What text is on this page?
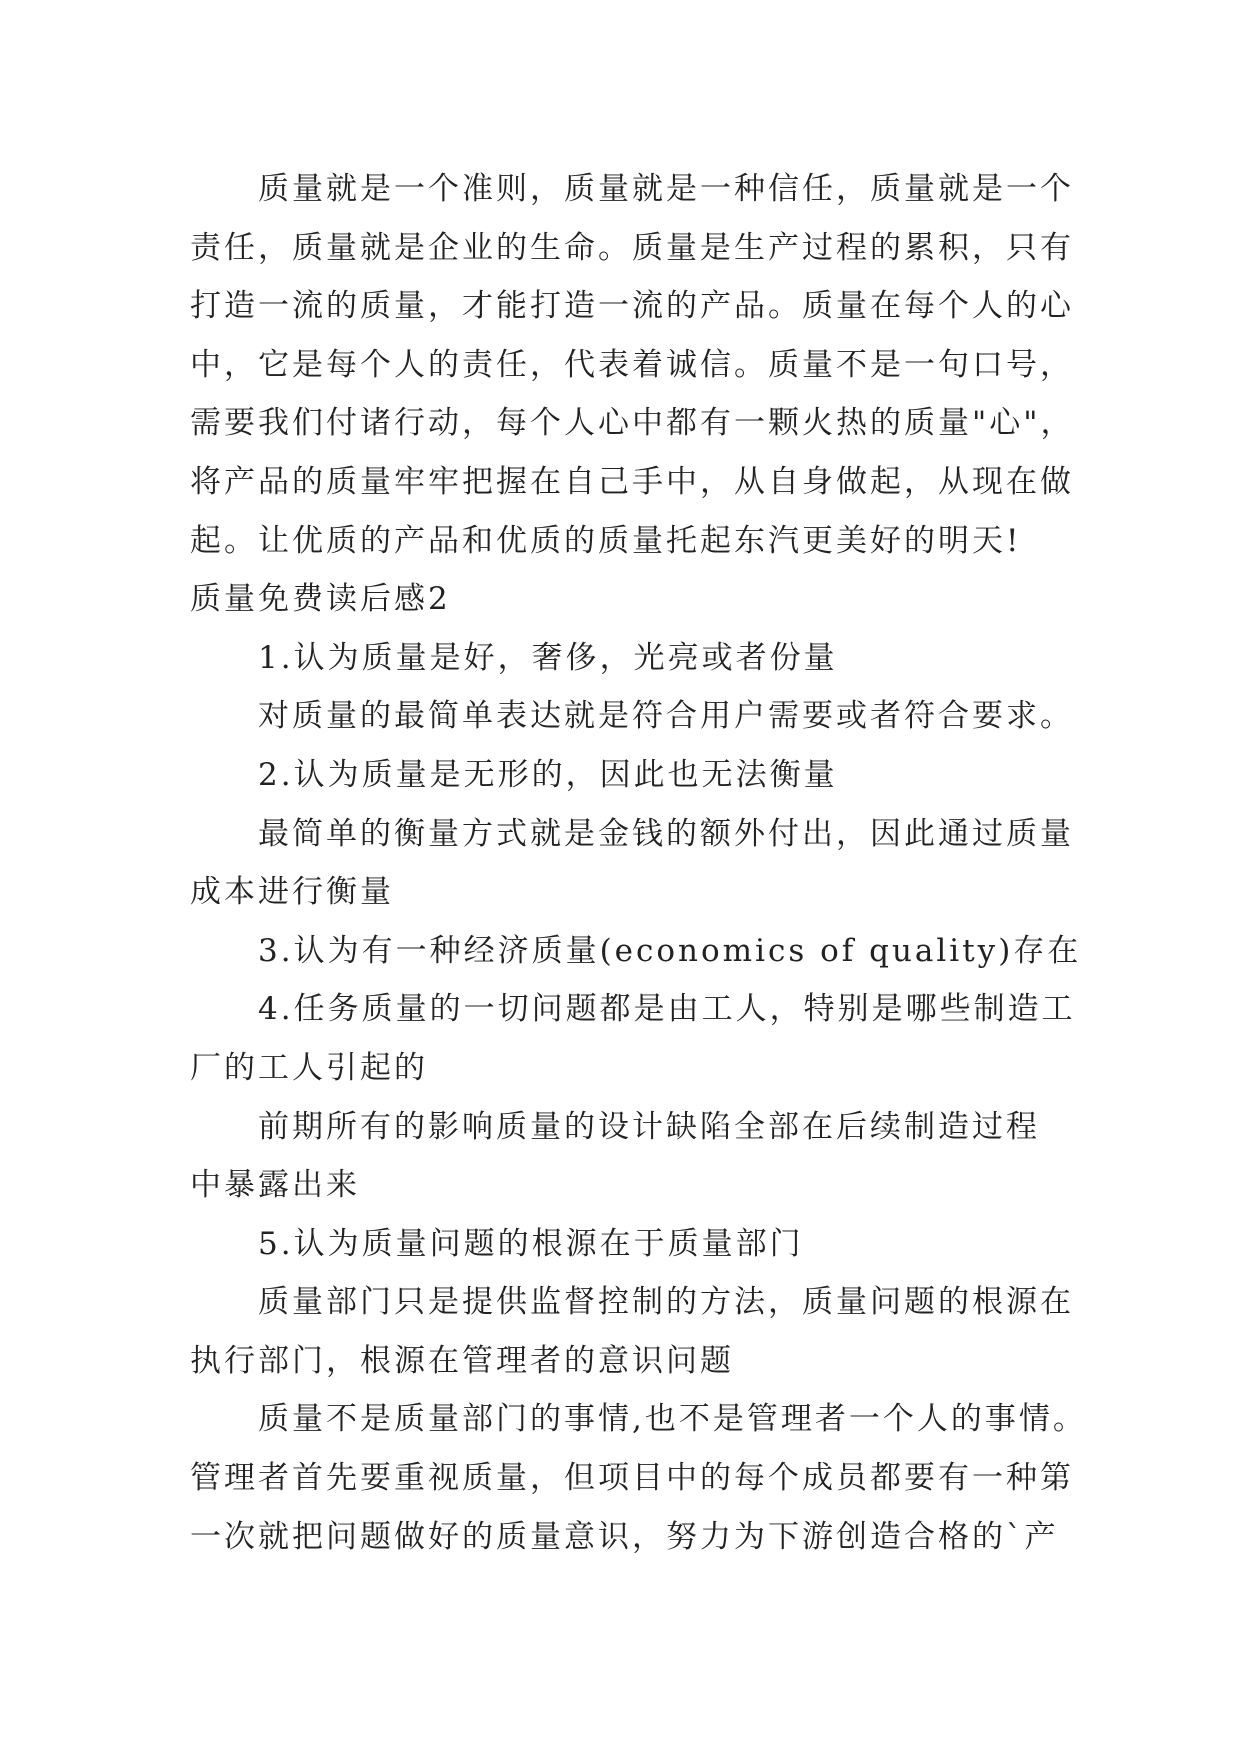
质量就是一个准则，质量就是一种信任，质量就是一个
责任，质量就是企业的生命。质量是生产过程的累积，只有
打造一流的质量，才能打造一流的产品。质量在每个人的心
中，它是每个人的责任，代表着诚信。质量不是一句口号，
需要我们付诸行动，每个人心中都有一颗火热的质量"心"，
将产品的质量牢牢把握在自己手中，从自身做起，从现在做
起。让优质的产品和优质的质量托起东汽更美好的明天!
质量免费读后感2
1.认为质量是好，奢侈，光亮或者份量
对质量的最简单表达就是符合用户需要或者符合要求。
2.认为质量是无形的，因此也无法衡量
最简单的衡量方式就是金钱的额外付出，因此通过质量
成本进行衡量
3.认为有一种经济质量(economics of quality)存在
4.任务质量的一切问题都是由工人，特别是哪些制造工
厂的工人引起的
前期所有的影响质量的设计缺陷全部在后续制造过程
中暴露出来
5.认为质量问题的根源在于质量部门
质量部门只是提供监督控制的方法，质量问题的根源在
执行部门，根源在管理者的意识问题
质量不是质量部门的事情,也不是管理者一个人的事情。
管理者首先要重视质量，但项目中的每个成员都要有一种第
一次就把问题做好的质量意识，努力为下游创造合格的`产
